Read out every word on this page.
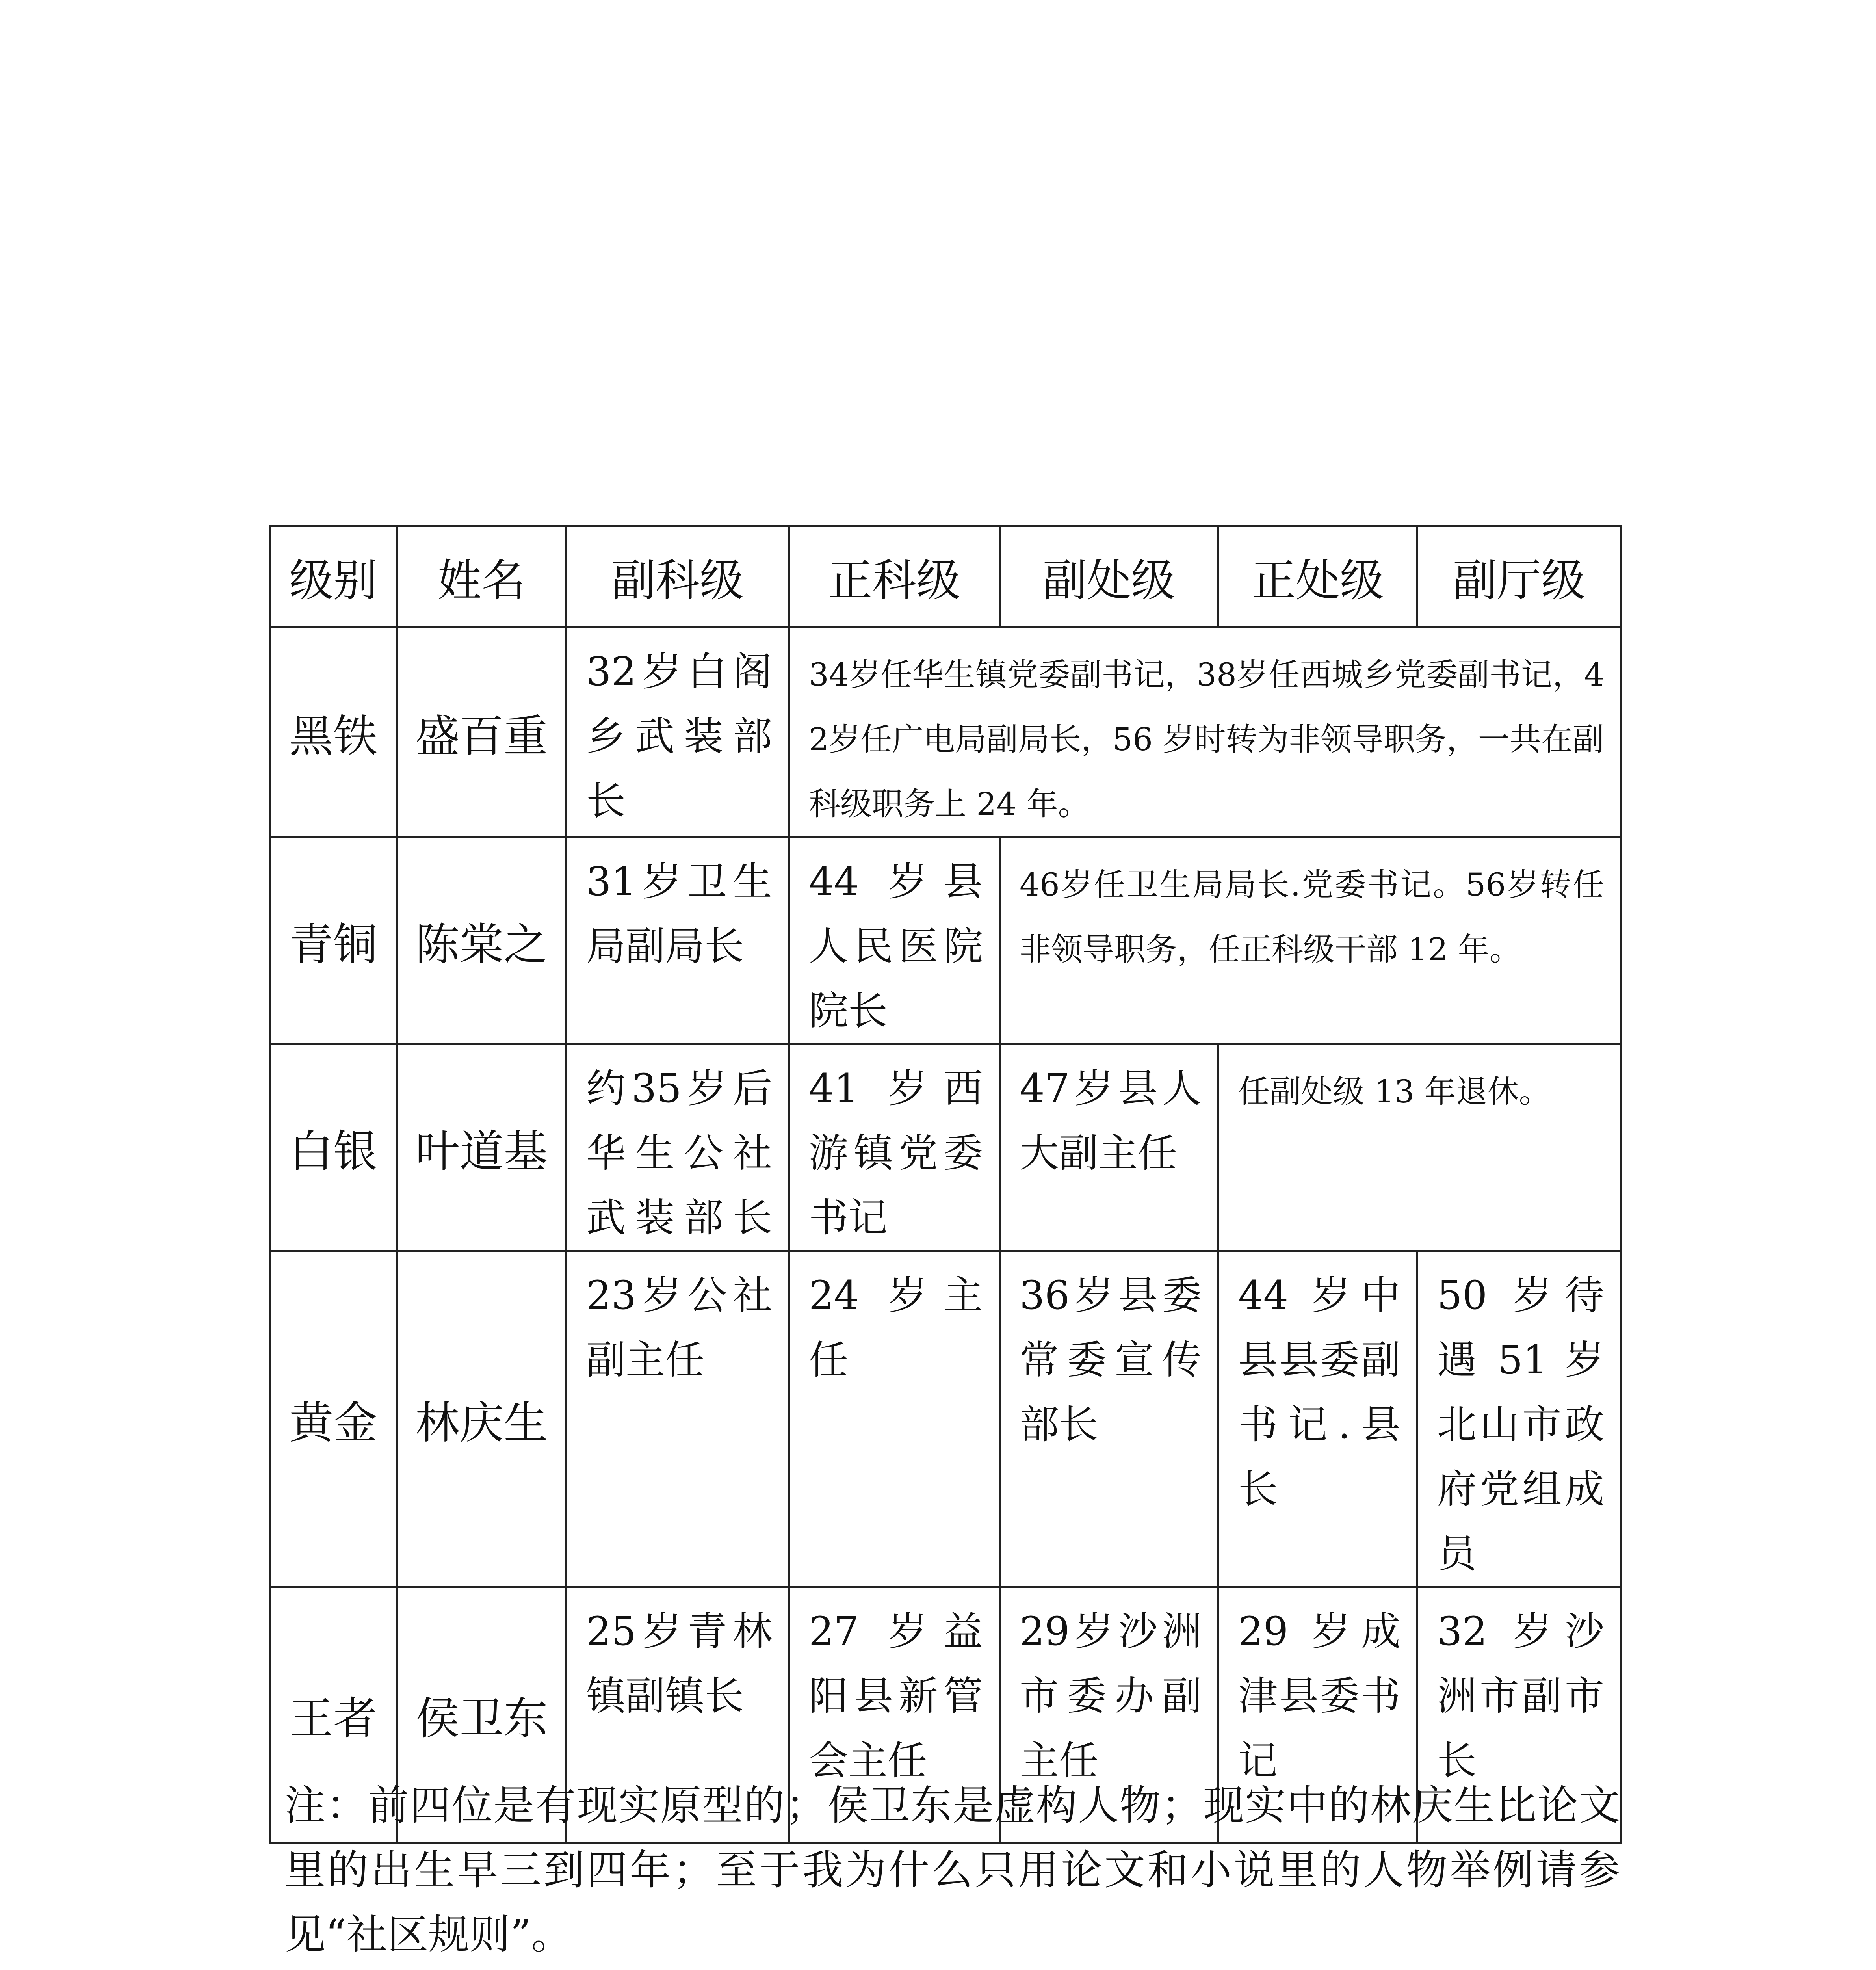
级别	姓名	副科级	正科级	副处级	正处级	副厅级
黑铁	盛百重	32岁白阁乡武装部长	34岁任华生镇党委副书记，38岁任西城乡党委副书记，42岁任广电局副局长，56 岁时转为非领导职务，一共在副科级职务上 24 年。			
青铜	陈棠之	31岁卫生局副局长	44 岁县人民医院院长	46岁任卫生局局长.党委书记。56岁转任非领导职务，任正科级干部 12 年。		
白银	叶道基	约35岁后华生公社武装部长	41 岁西游镇党委书记	47岁县人大副主任	任副处级 13 年退休。	
黄金	林庆生	23岁公社副主任	24 岁主任	36岁县委常委宣传部长	44 岁中县县委副书记.县长	50 岁待遇 51 岁北山市政府党组成员
王者	侯卫东	25岁青林镇副镇长	27 岁益阳县新管会主任	29岁沙洲市委办副主任	29 岁成津县委书记	32 岁沙洲市副市长
注：前四位是有现实原型的；侯卫东是虚构人物；现实中的林庆生比论文里的出生早三到四年；至于我为什么只用论文和小说里的人物举例请参见“社区规则”。
